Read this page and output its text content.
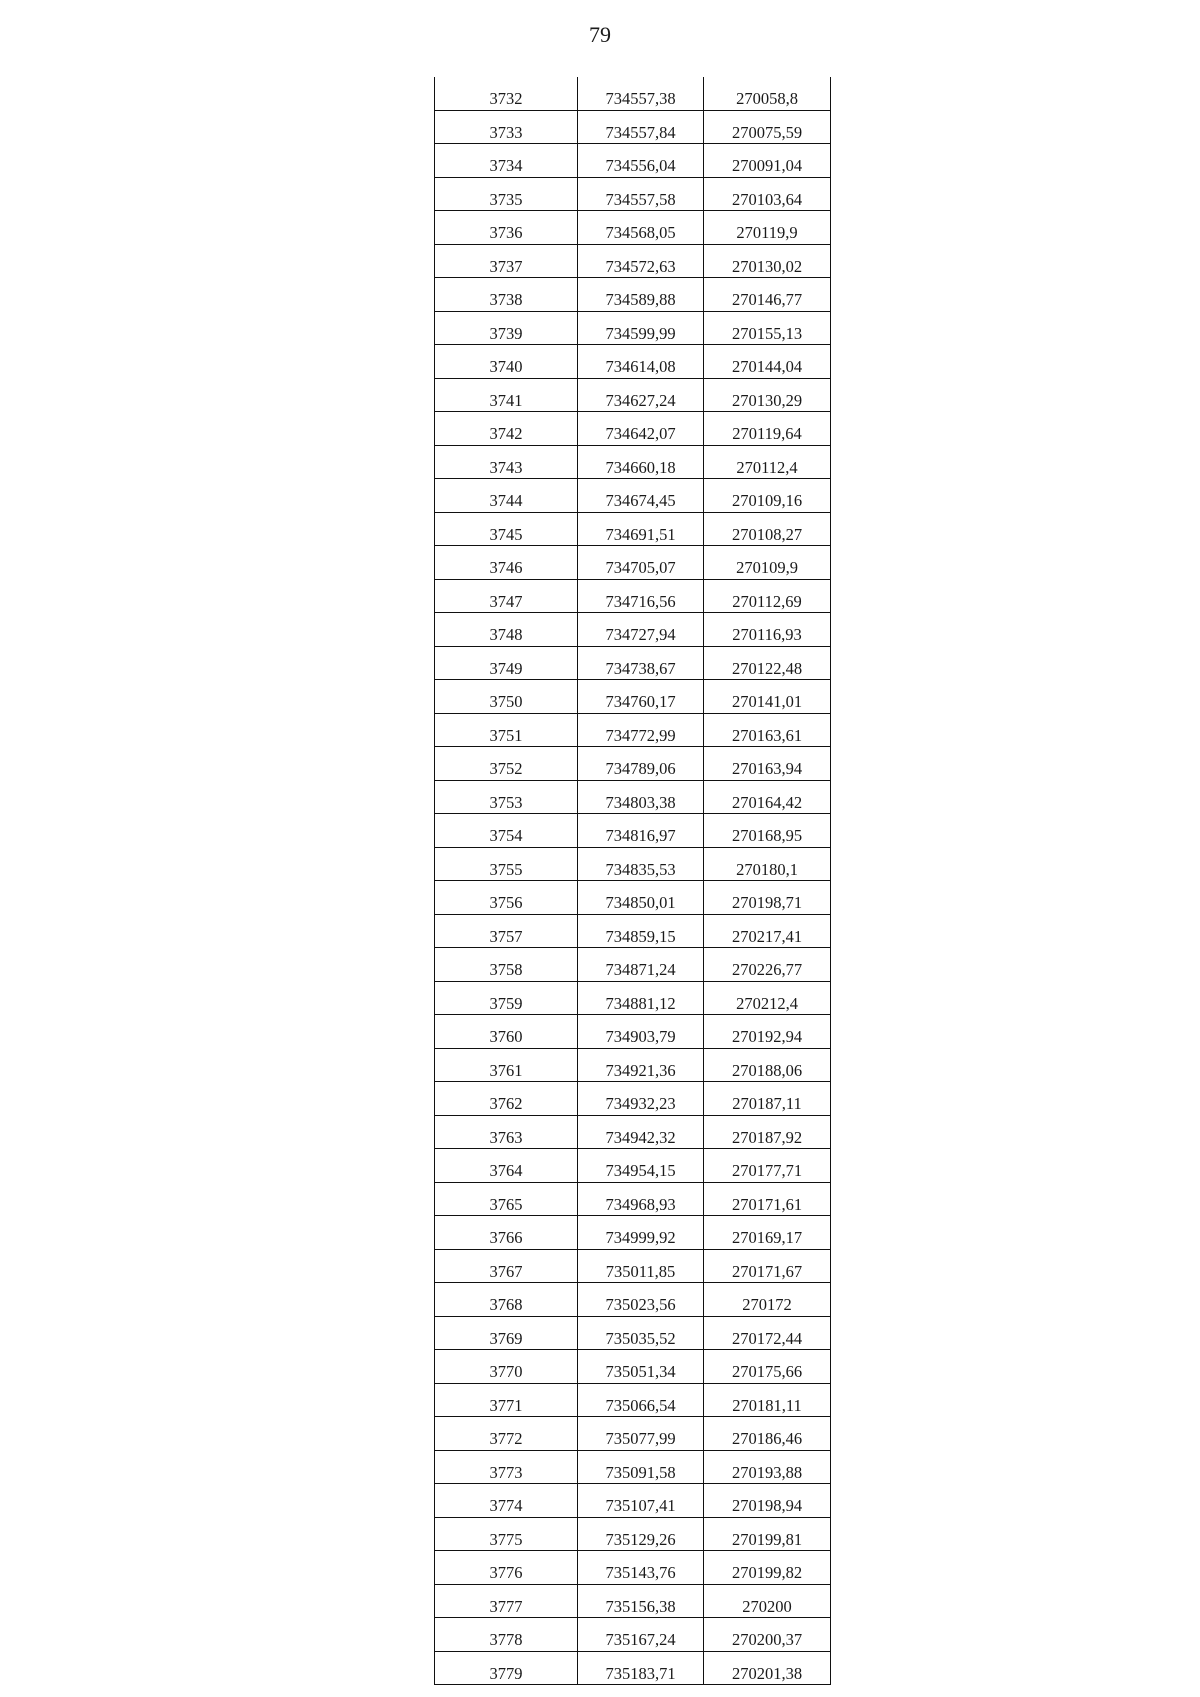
79
3732	734557,38	270058,8
3733	734557,84	270075,59
3734	734556,04	270091,04
3735	734557,58	270103,64
3736	734568,05	270119,9
3737	734572,63	270130,02
3738	734589,88	270146,77
3739	734599,99	270155,13
3740	734614,08	270144,04
3741	734627,24	270130,29
3742	734642,07	270119,64
3743	734660,18	270112,4
3744	734674,45	270109,16
3745	734691,51	270108,27
3746	734705,07	270109,9
3747	734716,56	270112,69
3748	734727,94	270116,93
3749	734738,67	270122,48
3750	734760,17	270141,01
3751	734772,99	270163,61
3752	734789,06	270163,94
3753	734803,38	270164,42
3754	734816,97	270168,95
3755	734835,53	270180,1
3756	734850,01	270198,71
3757	734859,15	270217,41
3758	734871,24	270226,77
3759	734881,12	270212,4
3760	734903,79	270192,94
3761	734921,36	270188,06
3762	734932,23	270187,11
3763	734942,32	270187,92
3764	734954,15	270177,71
3765	734968,93	270171,61
3766	734999,92	270169,17
3767	735011,85	270171,67
3768	735023,56	270172
3769	735035,52	270172,44
3770	735051,34	270175,66
3771	735066,54	270181,11
3772	735077,99	270186,46
3773	735091,58	270193,88
3774	735107,41	270198,94
3775	735129,26	270199,81
3776	735143,76	270199,82
3777	735156,38	270200
3778	735167,24	270200,37
3779	735183,71	270201,38
